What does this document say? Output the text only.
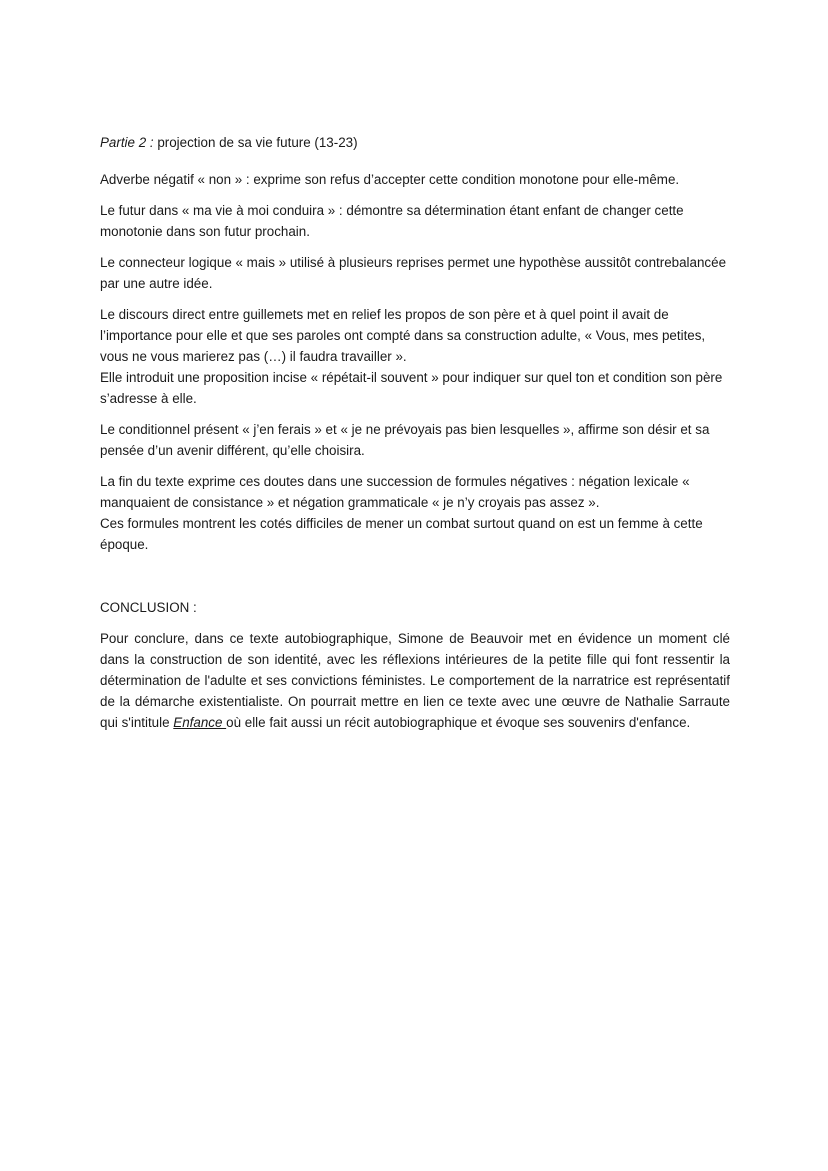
Partie 2 : projection de sa vie future (13-23)

Adverbe négatif « non » : exprime son refus d’accepter cette condition monotone pour elle-même.

Le futur dans « ma vie à moi conduira » : démontre sa détermination étant enfant de changer cette monotonie dans son futur prochain.

Le connecteur logique « mais » utilisé à plusieurs reprises permet une hypothèse aussitôt contrebalancée par une autre idée.

Le discours direct entre guillemets met en relief les propos de son père et à quel point il avait de l’importance pour elle et que ses paroles ont compté dans sa construction adulte, « Vous, mes petites, vous ne vous marierez pas (…) il faudra travailler ».

Elle introduit une proposition incise « répétait-il souvent » pour indiquer sur quel ton et condition son père s’adresse à elle.

Le conditionnel présent « j’en ferais » et « je ne prévoyais pas bien lesquelles », affirme son désir et sa pensée d’un avenir différent, qu’elle choisira.

La fin du texte exprime ces doutes dans une succession de formules négatives : négation lexicale « manquaient de consistance » et négation grammaticale « je n’y croyais pas assez ».

Ces formules montrent les cotés difficiles de mener un combat surtout quand on est un femme à cette époque.

CONCLUSION :

Pour conclure, dans ce texte autobiographique, Simone de Beauvoir met en évidence un moment clé dans la construction de son identité, avec les réflexions intérieures de la petite fille qui font ressentir la détermination de l'adulte et ses convictions féministes. Le comportement de la narratrice est représentatif de la démarche existentialiste. On pourrait mettre en lien ce texte avec une œuvre de Nathalie Sarraute qui s'intitule Enfance où elle fait aussi un récit autobiographique et évoque ses souvenirs d'enfance.
